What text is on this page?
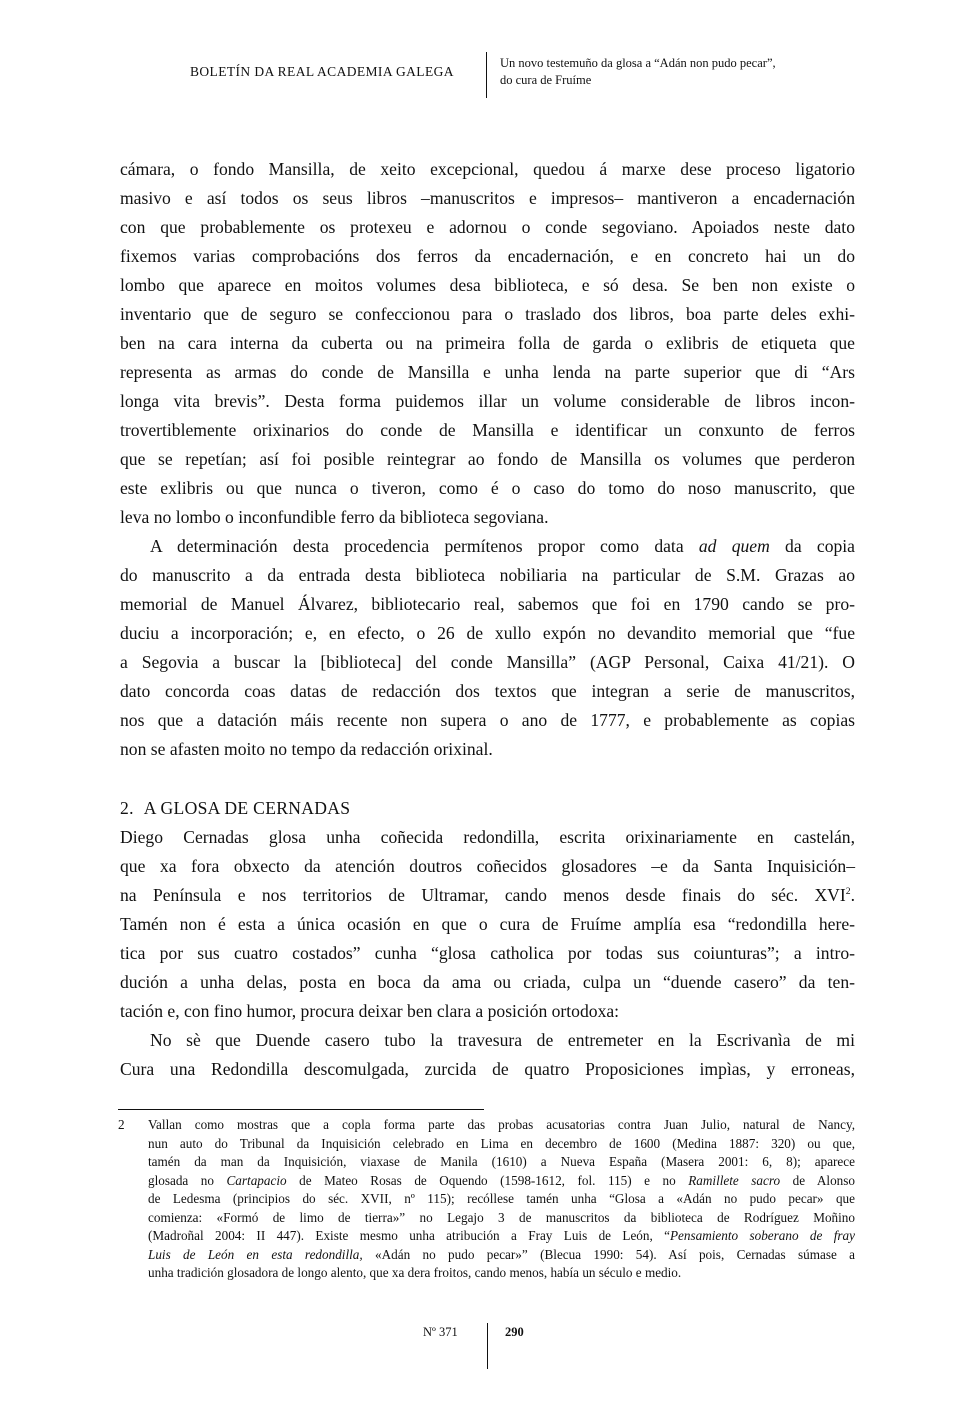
BOLETÍN DA REAL ACADEMIA GALEGA
Un novo testemuño da glosa a “Adán non pudo pecar”,
do cura de Fruíme
cámara, o fondo Mansilla, de xeito excepcional, quedou á marxe dese proceso ligatorio
masivo e así todos os seus libros –manuscritos e impresos– mantiveron a encadernación
con que probablemente os protexeu e adornou o conde segoviano. Apoiados neste dato
fixemos varias comprobacións dos ferros da encadernación, e en concreto hai un do
lombo que aparece en moitos volumes desa biblioteca, e só desa. Se ben non existe o
inventario que de seguro se confeccionou para o traslado dos libros, boa parte deles exhi-
ben na cara interna da cuberta ou na primeira folla de garda o exlibris de etiqueta que
representa as armas do conde de Mansilla e unha lenda na parte superior que di “Ars
longa vita brevis”. Desta forma puidemos illar un volume considerable de libros incon-
trovertiblemente orixinarios do conde de Mansilla e identificar un conxunto de ferros
que se repetían; así foi posible reintegrar ao fondo de Mansilla os volumes que perderon
este exlibris ou que nunca o tiveron, como é o caso do tomo do noso manuscrito, que
leva no lombo o inconfundible ferro da biblioteca segoviana.
A determinación desta procedencia permítenos propor como data ad quem da copia
do manuscrito a da entrada desta biblioteca nobiliaria na particular de S.M. Grazas ao
memorial de Manuel Álvarez, bibliotecario real, sabemos que foi en 1790 cando se pro-
duciu a incorporación; e, en efecto, o 26 de xullo expón no devandito memorial que “fue
a Segovia a buscar la [biblioteca] del conde Mansilla” (AGP Personal, Caixa 41/21). O
dato concorda coas datas de redacción dos textos que integran a serie de manuscritos,
nos que a datación máis recente non supera o ano de 1777, e probablemente as copias
non se afasten moito no tempo da redacción orixinal.
2. A GLOSA DE CERNADAS
Diego Cernadas glosa unha coñecida redondilla, escrita orixinariamente en castelán,
que xa fora obxecto da atención doutros coñecidos glosadores –e da Santa Inquisición–
na Península e nos territorios de Ultramar, cando menos desde finais do séc. XVI$^2$.
Tamén non é esta a única ocasión en que o cura de Fruíme amplía esa “redondilla here-
tica por sus cuatro costados” cunha “glosa catholica por todas sus coiunturas”; a intro-
dución a unha delas, posta en boca da ama ou criada, culpa un “duende casero” da ten-
tación e, con fino humor, procura deixar ben clara a posición ortodoxa:
No sè que Duende casero tubo la travesura de entremeter en la Escrivanìa de mi
Cura una Redondilla descomulgada, zurcida de quatro Proposiciones impìas, y erroneas,
2 Vallan como mostras que a copla forma parte das probas acusatorias contra Juan Julio, natural de Nancy,
nun auto do Tribunal da Inquisición celebrado en Lima en decembro de 1600 (Medina 1887: 320) ou que,
tamén da man da Inquisición, viaxase de Manila (1610) a Nueva España (Masera 2001: 6, 8); aparece
glosada no Cartapacio de Mateo Rosas de Oquendo (1598-1612, fol. 115) e no Ramillete sacro de Alonso
de Ledesma (principios do séc. XVII, nº 115); recóllese tamén unha “Glosa a «Adán no pudo pecar» que
comienza: «Formó de limo de tierra»” no Legajo 3 de manuscritos da biblioteca de Rodríguez Moñino
(Madroñal 2004: II 447). Existe mesmo unha atribución a Fray Luis de León, “Pensamiento soberano de fray
Luis de León en esta redondilla, «Adán no pudo pecar»” (Blecua 1990: 54). Así pois, Cernadas súmase a
unha tradición glosadora de longo alento, que xa dera froitos, cando menos, había un século e medio.
Nº 371	290
